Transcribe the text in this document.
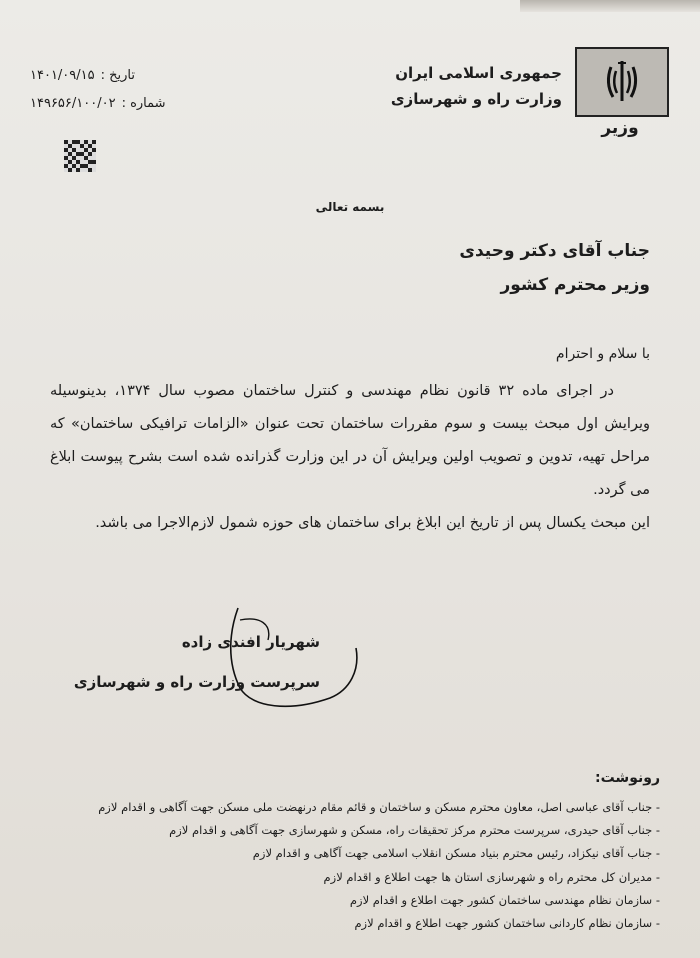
وزیر
جمهوری اسلامی ایران
وزارت راه و شهرسازی
تاریخ :
۱۴۰۱/۰۹/۱۵
شماره :
۱۴۹۶۵۶/۱۰۰/۰۲
بسمه تعالی
جناب آقای دکتر وحیدی
وزیر محترم کشور
با سلام و احترام

در اجرای ماده ۳۲ قانون نظام مهندسی و کنترل ساختمان مصوب سال ۱۳۷۴، بدینوسیله ویرایش اول مبحث بیست و سوم مقررات ساختمان تحت عنوان «الزامات ترافیکی ساختمان» که مراحل تهیه، تدوین و تصویب اولین ویرایش آن در این وزارت گذرانده شده است بشرح پیوست ابلاغ می گردد.

این مبحث یکسال پس از تاریخ این ابلاغ برای ساختمان های حوزه شمول لازم‌الاجرا می باشد.

شهریار افندی زاده
سرپرست وزارت راه و شهرسازی
رونوشت:
- جناب آقای عباسی اصل، معاون محترم مسکن و ساختمان و قائم مقام درنهضت ملی مسکن جهت آگاهی و اقدام لازم
- جناب آقای حیدری، سرپرست محترم مرکز تحقیقات راه، مسکن و شهرسازی جهت آگاهی و اقدام لازم
- جناب آقای نیکزاد، رئیس محترم بنیاد مسکن انقلاب اسلامی جهت آگاهی و اقدام لازم
- مدیران کل محترم راه و شهرسازی استان ها جهت اطلاع و اقدام لازم
- سازمان نظام مهندسی ساختمان کشور جهت اطلاع و اقدام لازم
- سازمان نظام کاردانی ساختمان کشور جهت اطلاع و اقدام لازم
